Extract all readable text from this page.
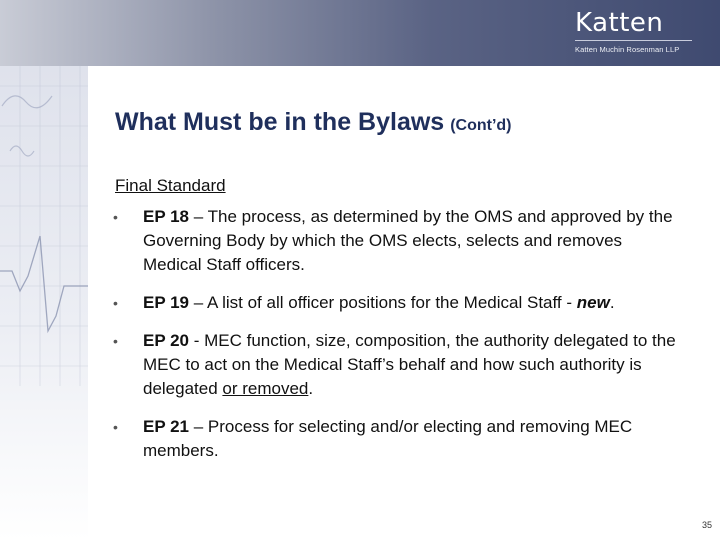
Katten
Katten Muchin Rosenman LLP
What Must be in the Bylaws (Cont’d)
Final Standard
• EP 18 – The process, as determined by the OMS and approved by the Governing Body by which the OMS elects, selects and removes Medical Staff officers.
• EP 19 – A list of all officer positions for the Medical Staff - new.
• EP 20 - MEC function, size, composition, the authority delegated to the MEC to act on the Medical Staff’s behalf and how such authority is delegated or removed.
• EP 21 – Process for selecting and/or electing and removing MEC members.
35
